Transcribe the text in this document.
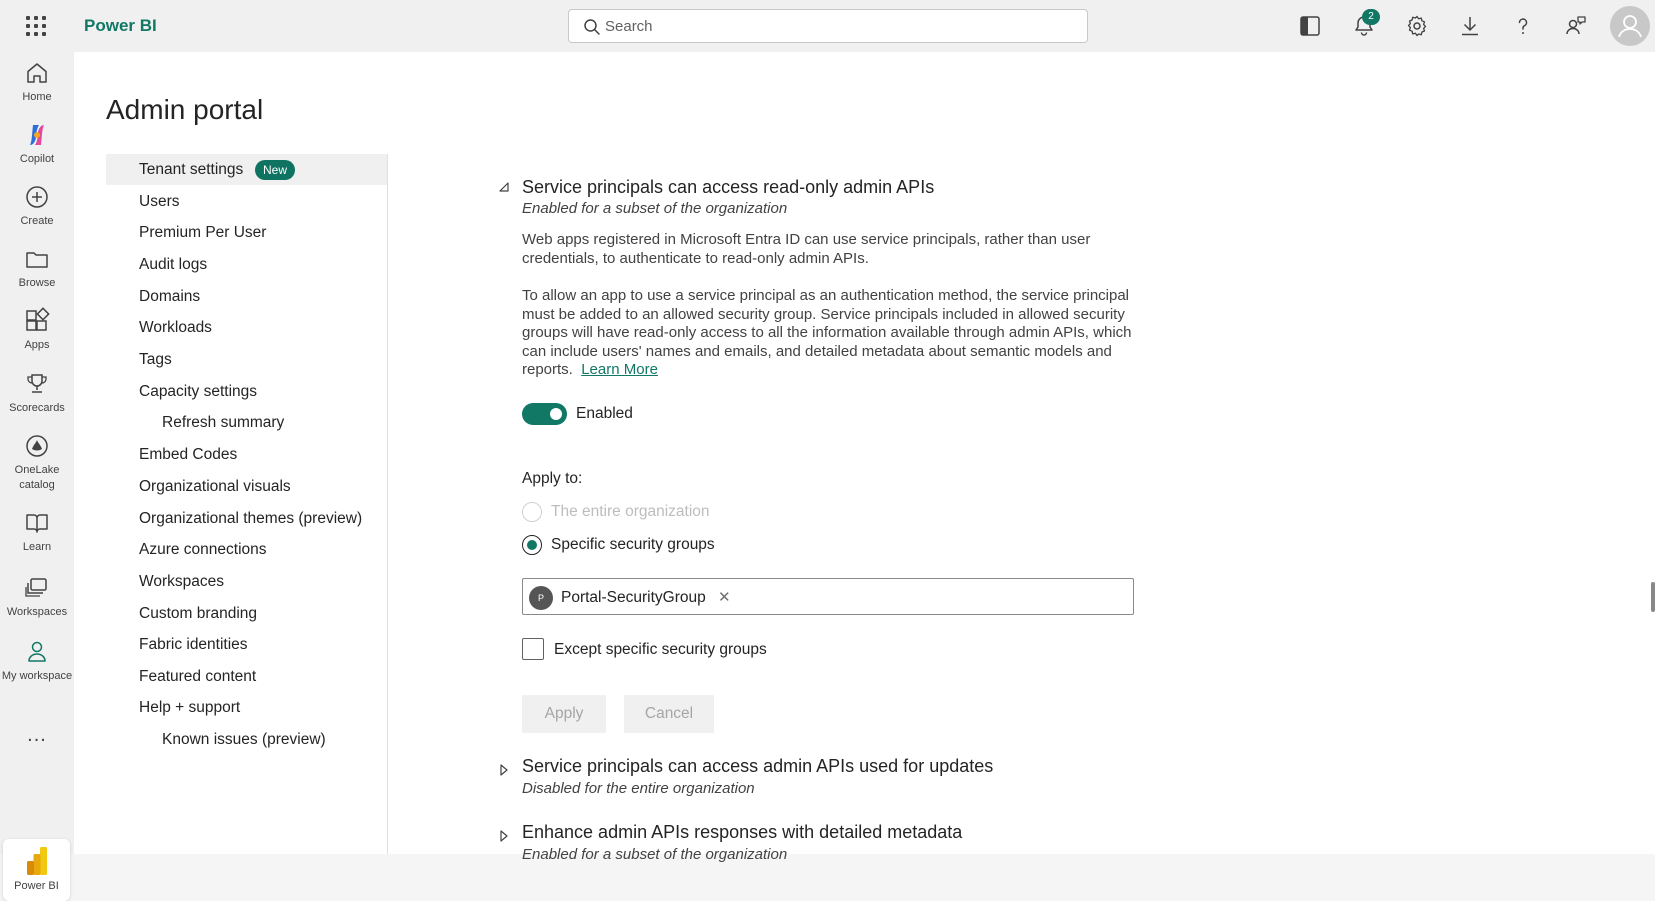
Power BI
Search	2
Home
Copilot
Create
Browse
Apps
Scorecards
OneLake catalog
Learn
Workspaces
My workspace
...
Power BI
Admin portal
Tenant settings	New
Users
Premium Per User
Audit logs
Domains
Workloads
Tags
Capacity settings
Refresh summary
Embed Codes
Organizational visuals
Organizational themes (preview)
Azure connections
Workspaces
Custom branding
Fabric identities
Featured content
Help + support
Known issues (preview)
Service principals can access read-only admin APIs
Enabled for a subset of the organization
Web apps registered in Microsoft Entra ID can use service principals, rather than user credentials, to authenticate to read-only admin APIs.
To allow an app to use a service principal as an authentication method, the service principal must be added to an allowed security group. Service principals included in allowed security groups will have read-only access to all the information available through admin APIs, which can include users' names and emails, and detailed metadata about semantic models and reports. Learn More
Enabled
Apply to:
The entire organization
Specific security groups
P	Portal-SecurityGroup ✕
Except specific security groups
Apply	Cancel
Service principals can access admin APIs used for updates
Disabled for the entire organization
Enhance admin APIs responses with detailed metadata
Enabled for a subset of the organization
